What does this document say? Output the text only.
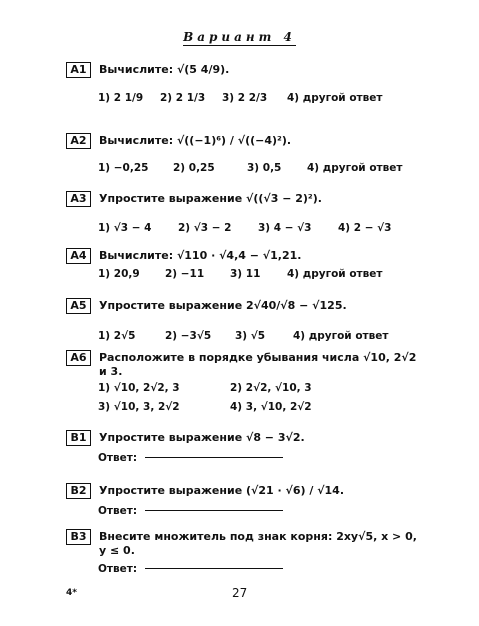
Вариант 4
A1	Вычислите: √(5 4/9).
1) 2 1/9 2) 2 1/3 3) 2 2/3 4) другой ответ
A2	Вычислите: √((−1)⁶) / √((−4)²).
1) −0,25 2) 0,25	3) 0,5 4) другой ответ
A3	Упростите выражение √((√3 − 2)²).
1) √3 − 4	2) √3 − 2	3) 4 − √3	4) 2 − √3
A4	Вычислите: √110 · √4,4 − √1,21.
1) 20,9 2) −11 3) 11	4) другой ответ
A5	Упростите выражение 2√40/√8 − √125.
1) 2√5	2) −3√5 3) √5	4) другой ответ
A6	Расположите в порядке убывания числа √10, 2√2
и 3.
1) √10, 2√2, 3	2) 2√2, √10, 3
3) √10, 3, 2√2	4) 3, √10, 2√2
B1	Упростите выражение √8 − 3√2.
Ответ:
B2	Упростите выражение (√21 · √6) / √14.
Ответ:
B3	Внесите множитель под знак корня: 2xy√5, x > 0,
y ≤ 0.
Ответ:
4*	27
